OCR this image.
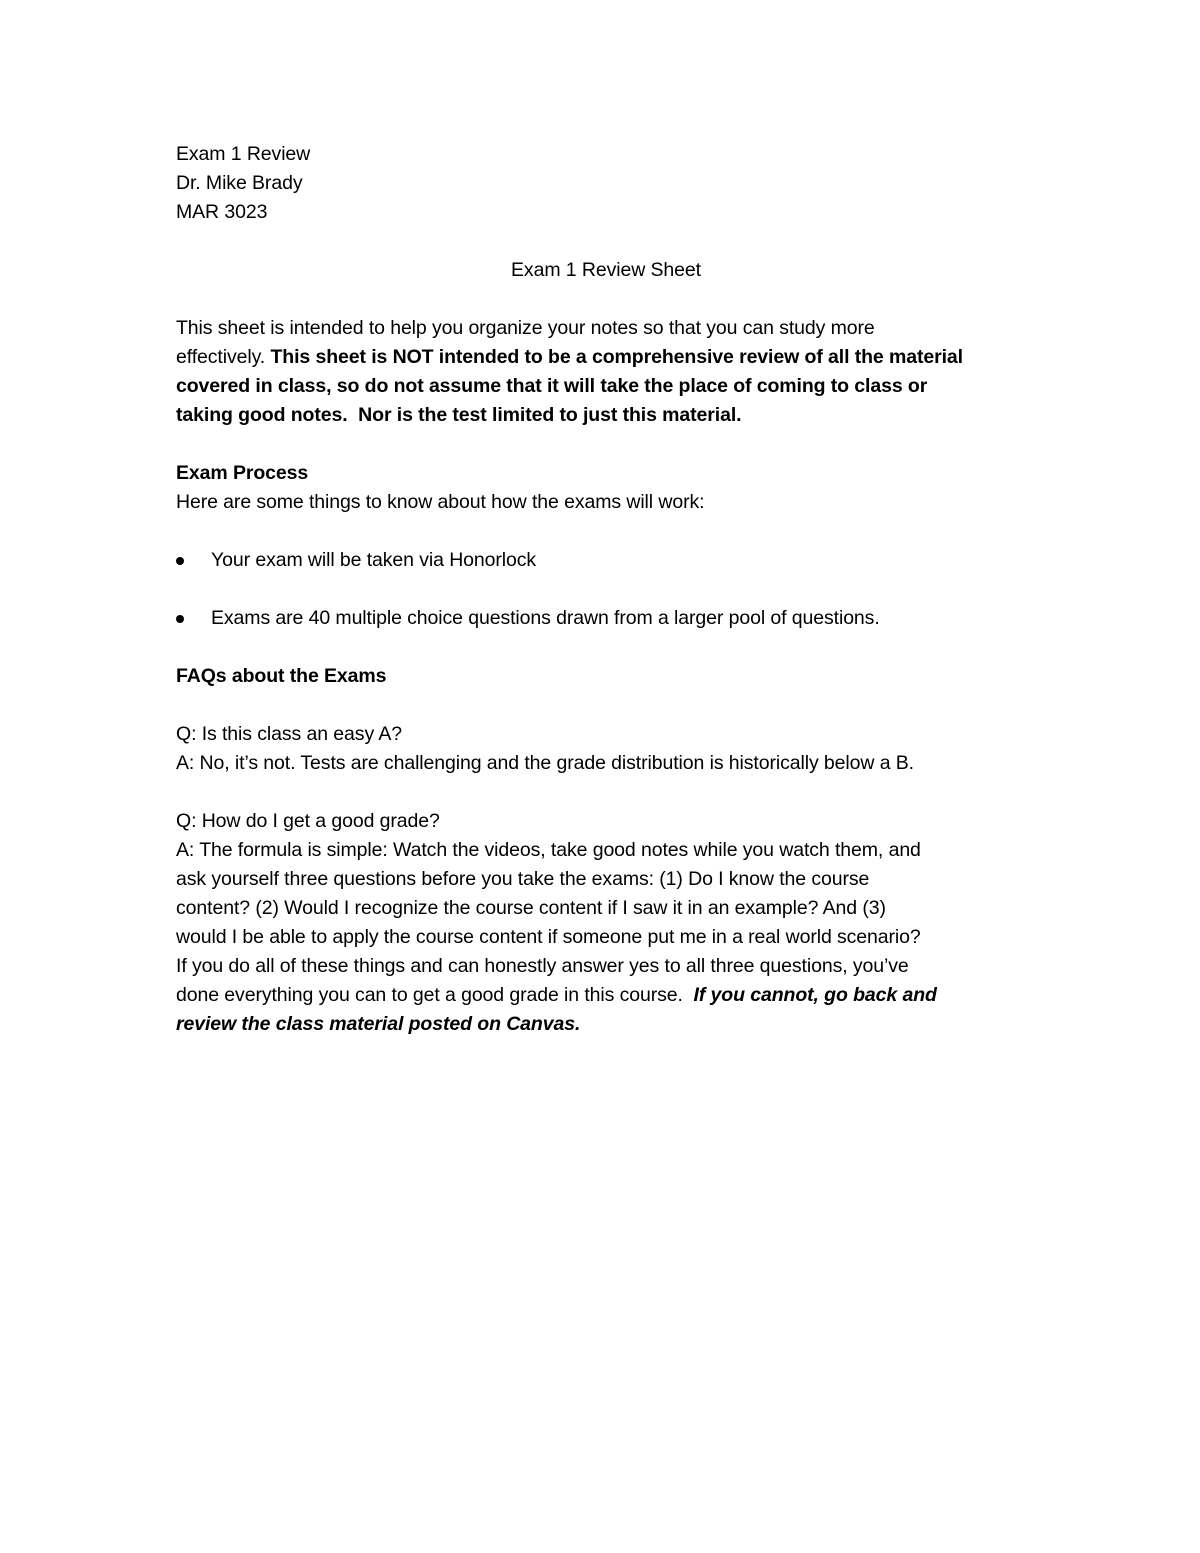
Exam 1 Review
Dr. Mike Brady
MAR 3023
Exam 1 Review Sheet
This sheet is intended to help you organize your notes so that you can study more
effectively. This sheet is NOT intended to be a comprehensive review of all the material
covered in class, so do not assume that it will take the place of coming to class or
taking good notes.  Nor is the test limited to just this material.
Exam Process
Here are some things to know about how the exams will work:
Your exam will be taken via Honorlock
Exams are 40 multiple choice questions drawn from a larger pool of questions.
FAQs about the Exams
Q: Is this class an easy A?
A: No, it’s not. Tests are challenging and the grade distribution is historically below a B.
Q: How do I get a good grade?
A: The formula is simple: Watch the videos, take good notes while you watch them, and
ask yourself three questions before you take the exams: (1) Do I know the course
content? (2) Would I recognize the course content if I saw it in an example? And (3)
would I be able to apply the course content if someone put me in a real world scenario?
If you do all of these things and can honestly answer yes to all three questions, you’ve
done everything you can to get a good grade in this course. If you cannot, go back and
review the class material posted on Canvas.
